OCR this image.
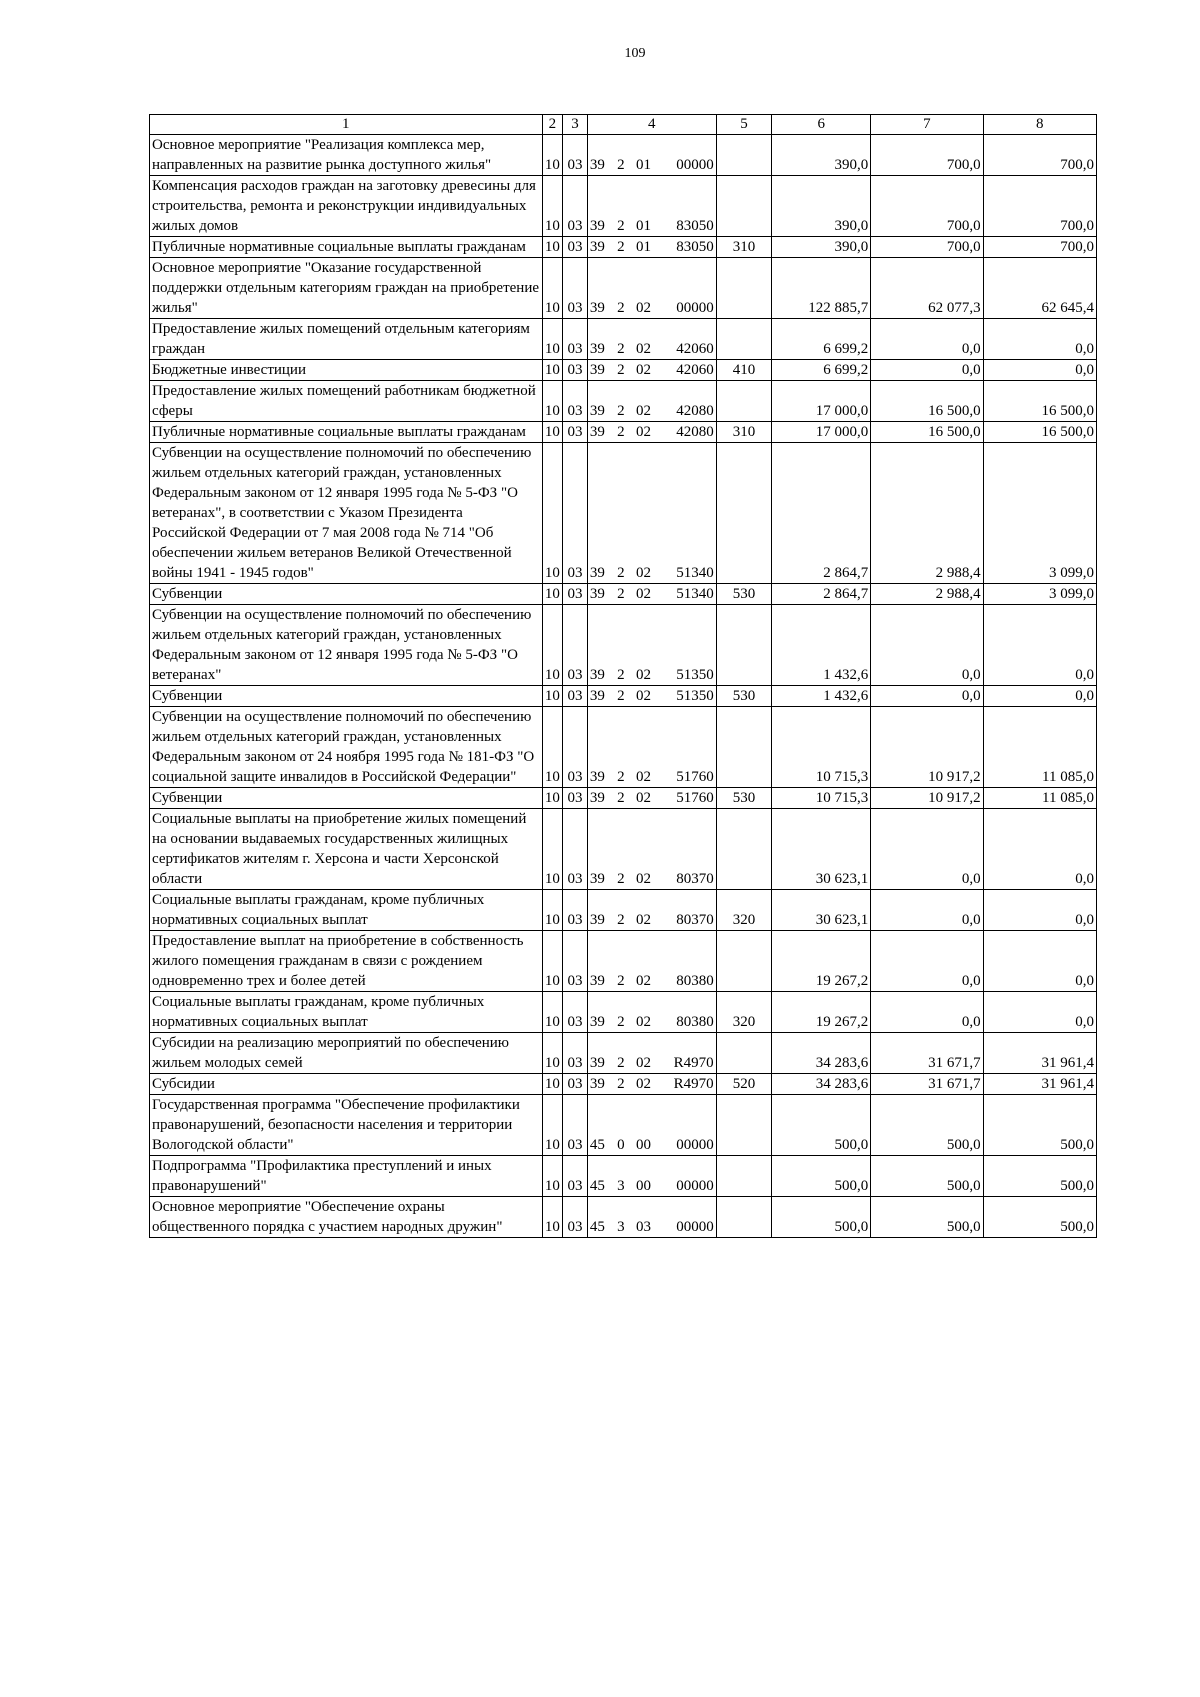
109
1	2	3	4				5	6	7	8
Основное мероприятие "Реализация комплекса мер, направленных на развитие рынка доступного жилья"	10	03	39	2	01	00000		390,0	700,0	700,0
Компенсация расходов граждан на заготовку древесины для строительства, ремонта и реконструкции индивидуальных жилых домов	10	03	39	2	01	83050		390,0	700,0	700,0
Публичные нормативные социальные выплаты гражданам	10	03	39	2	01	83050	310	390,0	700,0	700,0
Основное мероприятие "Оказание государственной поддержки отдельным категориям граждан на приобретение жилья"	10	03	39	2	02	00000		122 885,7	62 077,3	62 645,4
Предоставление жилых помещений отдельным категориям граждан	10	03	39	2	02	42060		6 699,2	0,0	0,0
Бюджетные инвестиции	10	03	39	2	02	42060	410	6 699,2	0,0	0,0
Предоставление жилых помещений работникам бюджетной сферы	10	03	39	2	02	42080		17 000,0	16 500,0	16 500,0
Публичные нормативные социальные выплаты гражданам	10	03	39	2	02	42080	310	17 000,0	16 500,0	16 500,0
Субвенции на осуществление полномочий по обеспечению жильем отдельных категорий граждан, установленных Федеральным законом от 12 января 1995 года № 5-ФЗ "О ветеранах", в соответствии с Указом Президента Российской Федерации от 7 мая 2008 года № 714 "Об обеспечении жильем ветеранов Великой Отечественной войны 1941 - 1945 годов"	10	03	39	2	02	51340		2 864,7	2 988,4	3 099,0
Субвенции	10	03	39	2	02	51340	530	2 864,7	2 988,4	3 099,0
Субвенции на осуществление полномочий по обеспечению жильем отдельных категорий граждан, установленных Федеральным законом от 12 января 1995 года № 5-ФЗ "О ветеранах"	10	03	39	2	02	51350		1 432,6	0,0	0,0
Субвенции	10	03	39	2	02	51350	530	1 432,6	0,0	0,0
Субвенции на осуществление полномочий по обеспечению жильем отдельных категорий граждан, установленных Федеральным законом от 24 ноября 1995 года № 181-ФЗ "О социальной защите инвалидов в Российской Федерации"	10	03	39	2	02	51760		10 715,3	10 917,2	11 085,0
Субвенции	10	03	39	2	02	51760	530	10 715,3	10 917,2	11 085,0
Социальные выплаты на приобретение жилых помещений на основании выдаваемых государственных жилищных сертификатов жителям г. Херсона и части Херсонской области	10	03	39	2	02	80370		30 623,1	0,0	0,0
Социальные выплаты гражданам, кроме публичных нормативных социальных выплат	10	03	39	2	02	80370	320	30 623,1	0,0	0,0
Предоставление выплат на приобретение в собственность жилого помещения гражданам в связи с рождением одновременно трех и более детей	10	03	39	2	02	80380		19 267,2	0,0	0,0
Социальные выплаты гражданам, кроме публичных нормативных социальных выплат	10	03	39	2	02	80380	320	19 267,2	0,0	0,0
Субсидии на реализацию мероприятий по обеспечению жильем молодых семей	10	03	39	2	02	R4970		34 283,6	31 671,7	31 961,4
Субсидии	10	03	39	2	02	R4970	520	34 283,6	31 671,7	31 961,4
Государственная программа "Обеспечение профилактики правонарушений, безопасности населения и территории Вологодской области"	10	03	45	0	00	00000		500,0	500,0	500,0
Подпрограмма "Профилактика преступлений и иных правонарушений"	10	03	45	3	00	00000		500,0	500,0	500,0
Основное мероприятие "Обеспечение охраны общественного порядка с участием народных дружин"	10	03	45	3	03	00000		500,0	500,0	500,0
